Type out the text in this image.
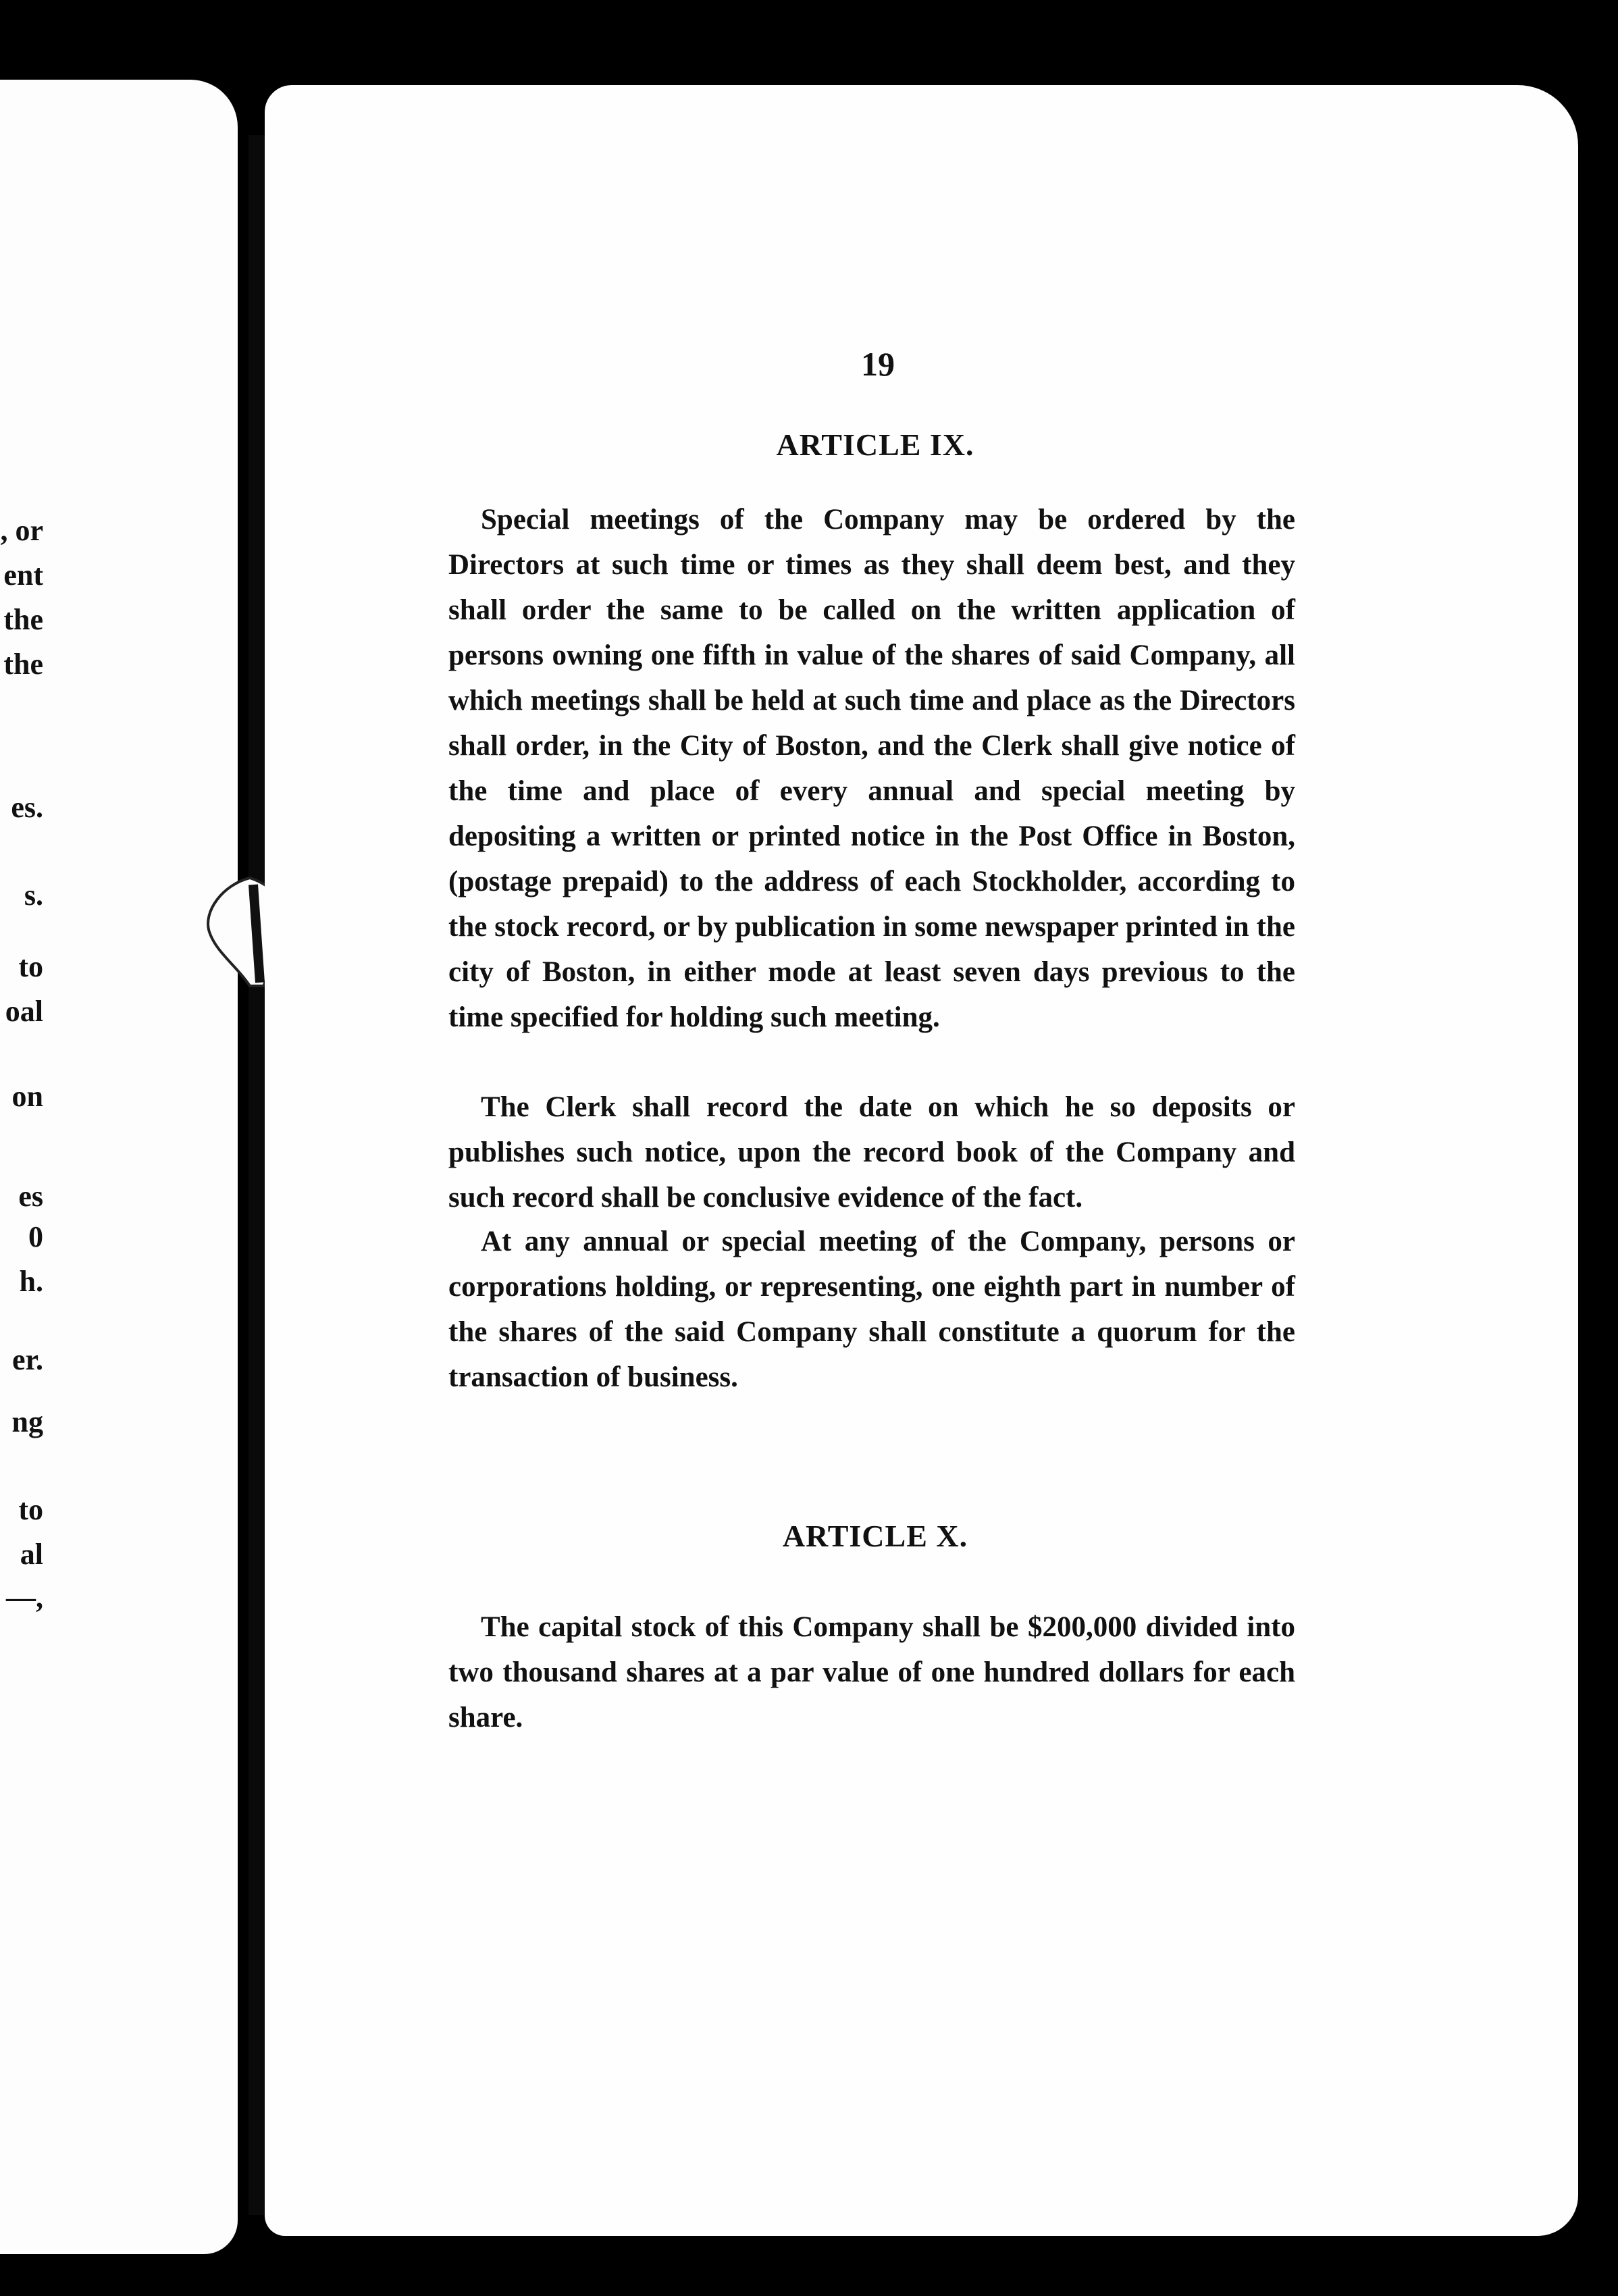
, or
ent
the
the
es.
s.
to
oal
on
es
0
h.
er.
ng
to
al
—,
19
ARTICLE IX.

Special meetings of the Company may be ordered by the Directors at such time or times as they shall deem best, and they shall order the same to be called on the written application of persons owning one fifth in value of the shares of said Company, all which meetings shall be held at such time and place as the Directors shall order, in the City of Boston, and the Clerk shall give notice of the time and place of every annual and special meeting by depositing a written or printed notice in the Post Office in Boston, (postage prepaid) to the address of each Stockholder, according to the stock record, or by publication in some newspaper printed in the city of Boston, in either mode at least seven days previous to the time specified for holding such meeting.

The Clerk shall record the date on which he so deposits or publishes such notice, upon the record book of the Company and such record shall be conclusive evidence of the fact.

At any annual or special meeting of the Company, persons or corporations holding, or representing, one eighth part in number of the shares of the said Company shall constitute a quorum for the transaction of business.

ARTICLE X.

The capital stock of this Company shall be $200,000 divided into two thousand shares at a par value of one hundred dollars for each share.
